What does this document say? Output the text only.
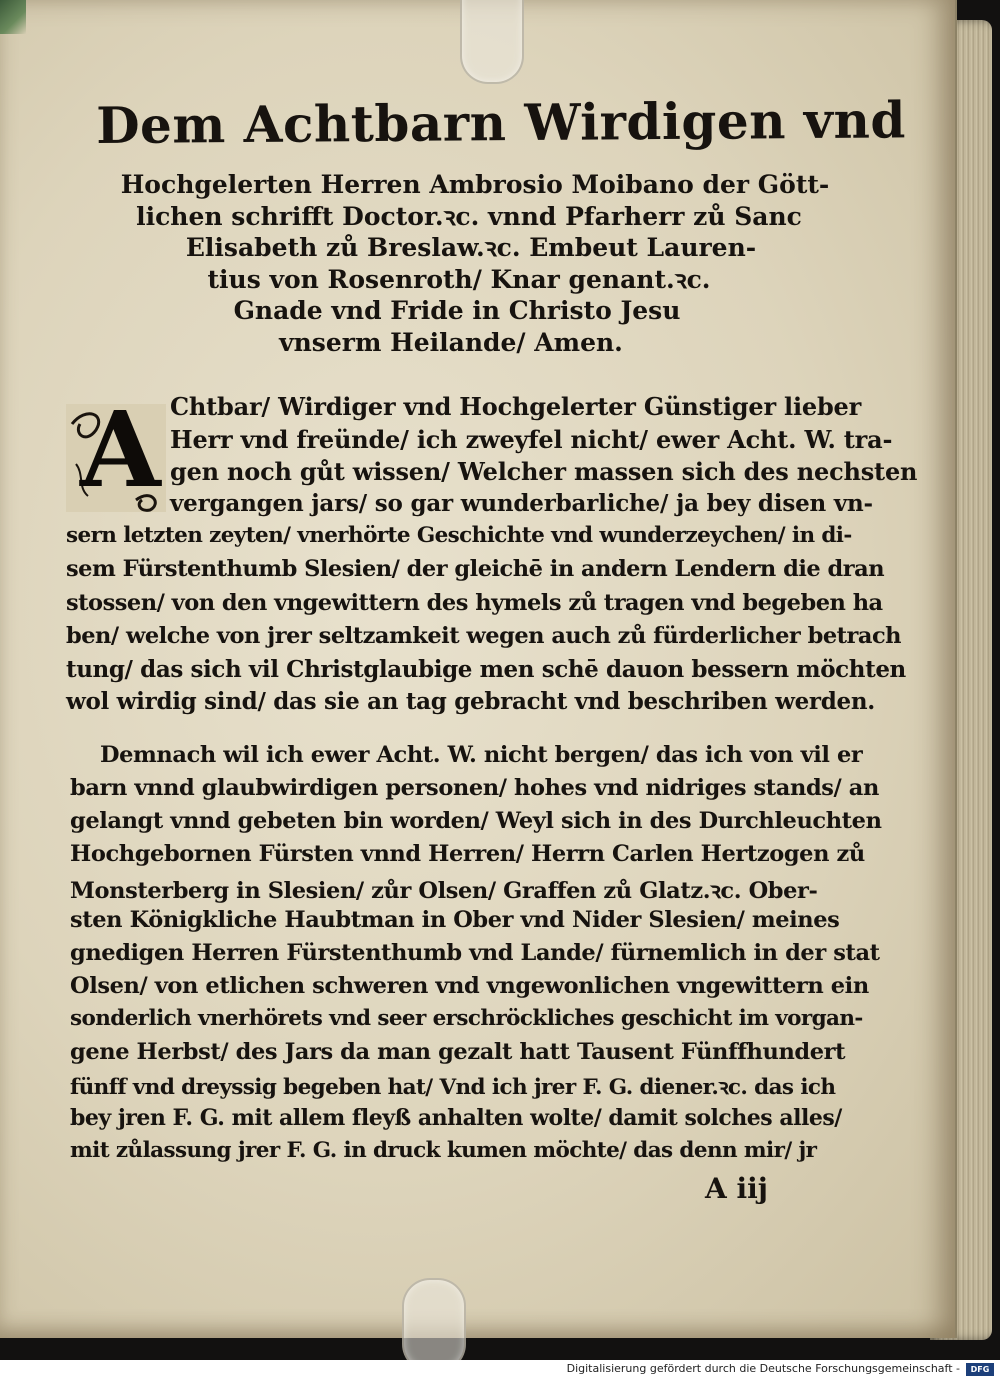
Dem Achtbarn Wirdigen vnd
Hochgelerten Herren Ambrosio Moibano der Gött-
lichen schrifft Doctor.ꝛc. vnnd Pfarherr zů Sanc
Elisabeth zů Breslaw.ꝛc. Embeut Lauren-
tius von Rosenroth/ Knar genant.ꝛc.
Gnade vnd Fride in Christo Jesu
vnserm Heilande/ Amen.
A Chtbar/ Wirdiger vnd Hochgelerter Günstiger lieber
Herr vnd freünde/ ich zweyfel nicht/ ewer Acht. W. tra-
gen noch gůt wissen/ Welcher massen sich des nechsten
vergangen jars/ so gar wunderbarliche/ ja bey disen vn-
sern letzten zeyten/ vnerhörte Geschichte vnd wunderzeychen/ in di-
sem Fürstenthumb Slesien/ der gleichē in andern Lendern die dran
stossen/ von den vngewittern des hymels zů tragen vnd begeben ha
ben/ welche von jrer seltzamkeit wegen auch zů fürderlicher betrach
tung/ das sich vil Christglaubige men schē dauon bessern möchten
wol wirdig sind/ das sie an tag gebracht vnd beschriben werden.
Demnach wil ich ewer Acht. W. nicht bergen/ das ich von vil er
barn vnnd glaubwirdigen personen/ hohes vnd nidriges stands/ an
gelangt vnnd gebeten bin worden/ Weyl sich in des Durchleuchten
Hochgebornen Fürsten vnnd Herren/ Herrn Carlen Hertzogen zů
Monsterberg in Slesien/ zůr Olsen/ Graffen zů Glatz.ꝛc. Ober-
sten Königkliche Haubtman in Ober vnd Nider Slesien/ meines
gnedigen Herren Fürstenthumb vnd Lande/ fürnemlich in der stat
Olsen/ von etlichen schweren vnd vngewonlichen vngewittern ein
sonderlich vnerhörets vnd seer erschröckliches geschicht im vorgan-
gene Herbst/ des Jars da man gezalt hatt Tausent Fünffhundert
fünff vnd dreyssig begeben hat/ Vnd ich jrer F. G. diener.ꝛc. das ich
bey jren F. G. mit allem fleyß anhalten wolte/ damit solches alles/
mit zůlassung jrer F. G. in druck kumen möchte/ das denn mir/ jr
A iij
Digitalisierung gefördert durch die Deutsche Forschungsgemeinschaft -	DFG
